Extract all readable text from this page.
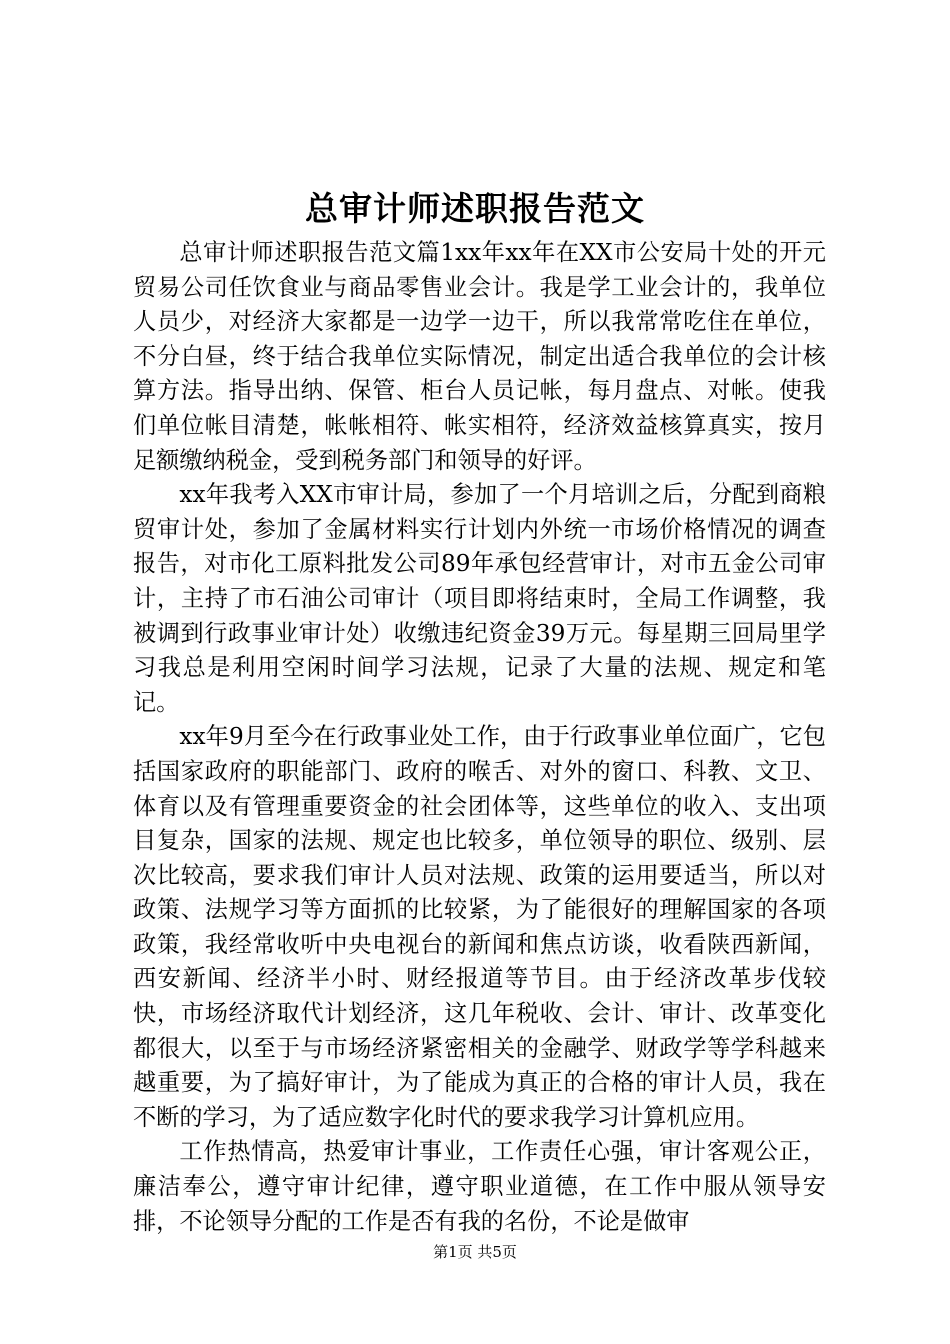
总审计师述职报告范文

总审计师述职报告范文篇1xx年xx年在XX市公安局十处的开元贸易公司任饮食业与商品零售业会计。我是学工业会计的，我单位人员少，对经济大家都是一边学一边干，所以我常常吃住在单位，不分白昼，终于结合我单位实际情况，制定出适合我单位的会计核算方法。指导出纳、保管、柜台人员记帐，每月盘点、对帐。使我们单位帐目清楚，帐帐相符、帐实相符，经济效益核算真实，按月足额缴纳税金，受到税务部门和领导的好评。

xx年我考入XX市审计局，参加了一个月培训之后，分配到商粮贸审计处，参加了金属材料实行计划内外统一市场价格情况的调查报告，对市化工原料批发公司89年承包经营审计，对市五金公司审计，主持了市石油公司审计（项目即将结束时，全局工作调整，我被调到行政事业审计处）收缴违纪资金39万元。每星期三回局里学习我总是利用空闲时间学习法规，记录了大量的法规、规定和笔记。

xx年9月至今在行政事业处工作，由于行政事业单位面广，它包括国家政府的职能部门、政府的喉舌、对外的窗口、科教、文卫、体育以及有管理重要资金的社会团体等，这些单位的收入、支出项目复杂，国家的法规、规定也比较多，单位领导的职位、级别、层次比较高，要求我们审计人员对法规、政策的运用要适当，所以对政策、法规学习等方面抓的比较紧，为了能很好的理解国家的各项政策，我经常收听中央电视台的新闻和焦点访谈，收看陕西新闻，西安新闻、经济半小时、财经报道等节目。由于经济改革步伐较快，市场经济取代计划经济，这几年税收、会计、审计、改革变化都很大，以至于与市场经济紧密相关的金融学、财政学等学科越来越重要，为了搞好审计，为了能成为真正的合格的审计人员，我在不断的学习，为了适应数字化时代的要求我学习计算机应用。

工作热情高，热爱审计事业，工作责任心强，审计客观公正，廉洁奉公，遵守审计纪律，遵守职业道德，在工作中服从领导安排，不论领导分配的工作是否有我的名份，不论是做审

第1页 共5页
